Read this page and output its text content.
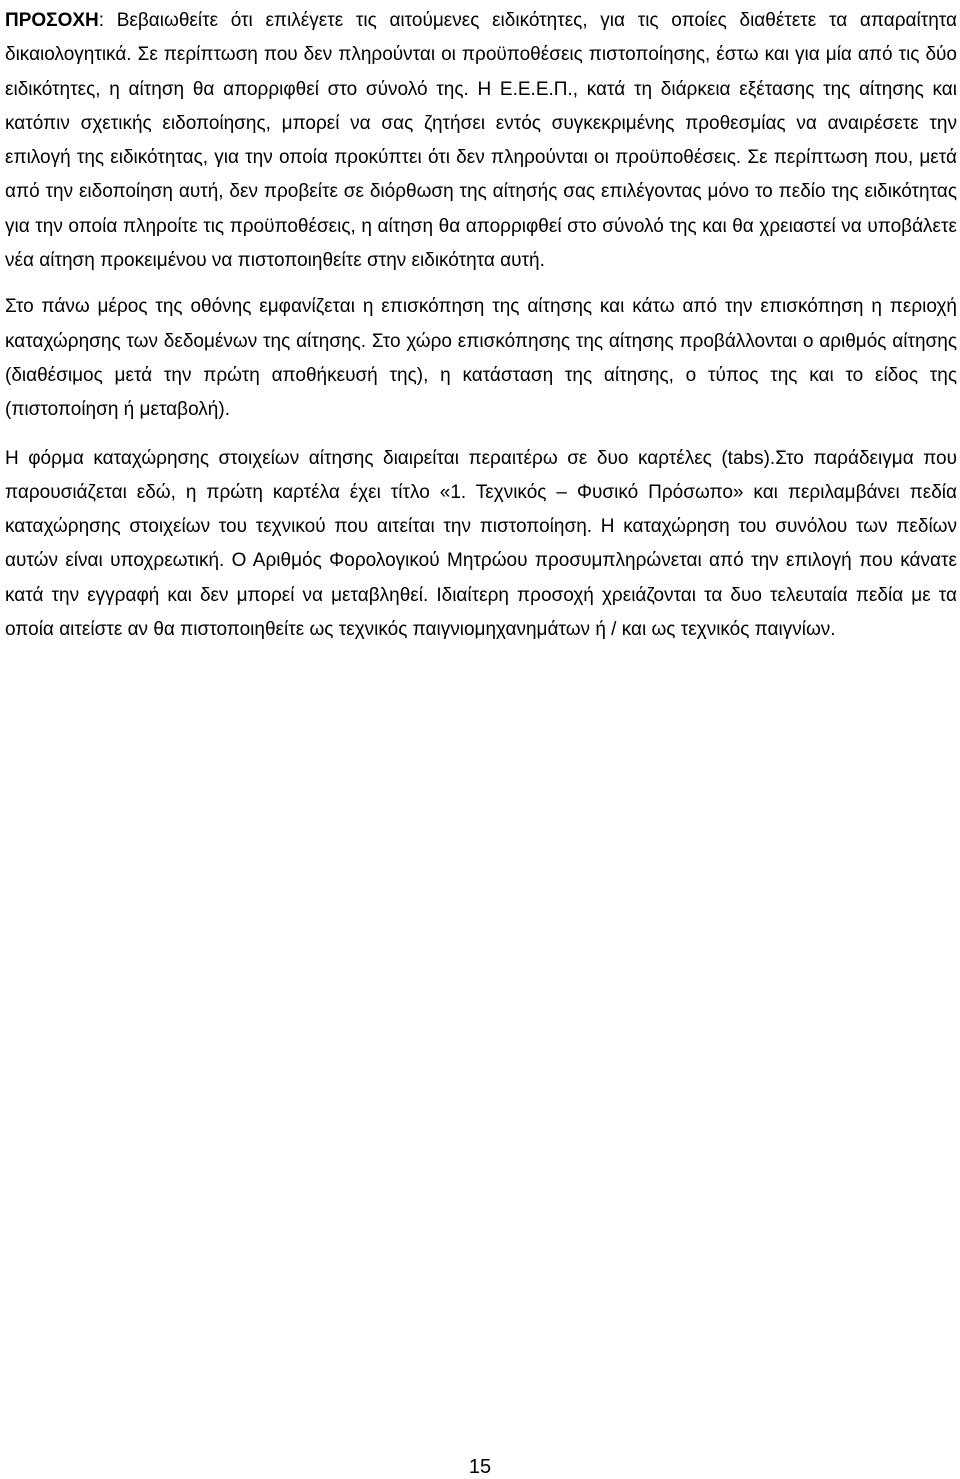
ΠΡΟΣΟΧΗ: Βεβαιωθείτε ότι επιλέγετε τις αιτούμενες ειδικότητες, για τις οποίες διαθέτετε τα απαραίτητα δικαιολογητικά. Σε περίπτωση που δεν πληρούνται οι προϋποθέσεις πιστοποίησης, έστω και για μία από τις δύο ειδικότητες, η αίτηση θα απορριφθεί στο σύνολό της. Η Ε.Ε.Ε.Π., κατά τη διάρκεια εξέτασης της αίτησης και κατόπιν σχετικής ειδοποίησης, μπορεί να σας ζητήσει εντός συγκεκριμένης προθεσμίας να αναιρέσετε την επιλογή της ειδικότητας, για την οποία προκύπτει ότι δεν πληρούνται οι προϋποθέσεις. Σε περίπτωση που, μετά από την ειδοποίηση αυτή, δεν προβείτε σε διόρθωση της αίτησής σας επιλέγοντας μόνο το πεδίο της ειδικότητας για την οποία πληροίτε τις προϋποθέσεις, η αίτηση θα απορριφθεί στο σύνολό της και θα χρειαστεί να υποβάλετε νέα αίτηση προκειμένου να πιστοποιηθείτε στην ειδικότητα αυτή.

Στο πάνω μέρος της οθόνης εμφανίζεται η επισκόπηση της αίτησης και κάτω από την επισκόπηση η περιοχή καταχώρησης των δεδομένων της αίτησης. Στο χώρο επισκόπησης της αίτησης προβάλλονται ο αριθμός αίτησης (διαθέσιμος μετά την πρώτη αποθήκευσή της), η κατάσταση της αίτησης, ο τύπος της και το είδος της (πιστοποίηση ή μεταβολή).

Η φόρμα καταχώρησης στοιχείων αίτησης διαιρείται περαιτέρω σε δυο καρτέλες (tabs).Στο παράδειγμα που παρουσιάζεται εδώ, η πρώτη καρτέλα έχει τίτλο «1. Τεχνικός – Φυσικό Πρόσωπο» και περιλαμβάνει πεδία καταχώρησης στοιχείων του τεχνικού που αιτείται την πιστοποίηση. Η καταχώρηση του συνόλου των πεδίων αυτών είναι υποχρεωτική. Ο Αριθμός Φορολογικού Μητρώου προσυμπληρώνεται από την επιλογή που κάνατε κατά την εγγραφή και δεν μπορεί να μεταβληθεί. Ιδιαίτερη προσοχή χρειάζονται τα δυο τελευταία πεδία με τα οποία αιτείστε αν θα πιστοποιηθείτε ως τεχνικός παιγνιομηχανημάτων ή / και ως τεχνικός παιγνίων.

15
